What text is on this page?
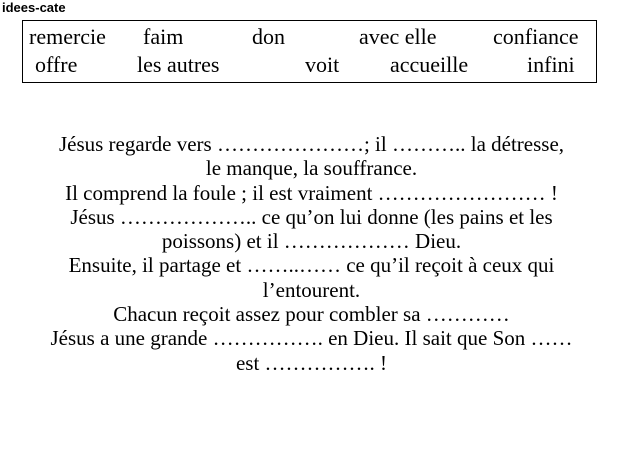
idees-cate
remercie faim	don	avec elle	confiance
offre	les autres	voit accueille	infini
Jésus regarde vers …………………; il ……….. la détresse,
le manque, la souffrance.
Il comprend la foule ; il est vraiment …………………… !
Jésus ……………….. ce qu’on lui donne (les pains et les
poissons) et il ……………… Dieu.
Ensuite, il partage et ……..…… ce qu’il reçoit à ceux qui
l’entourent.
Chacun reçoit assez pour combler sa …………
Jésus a une grande ……………. en Dieu. Il sait que Son ……
est ……………. !
